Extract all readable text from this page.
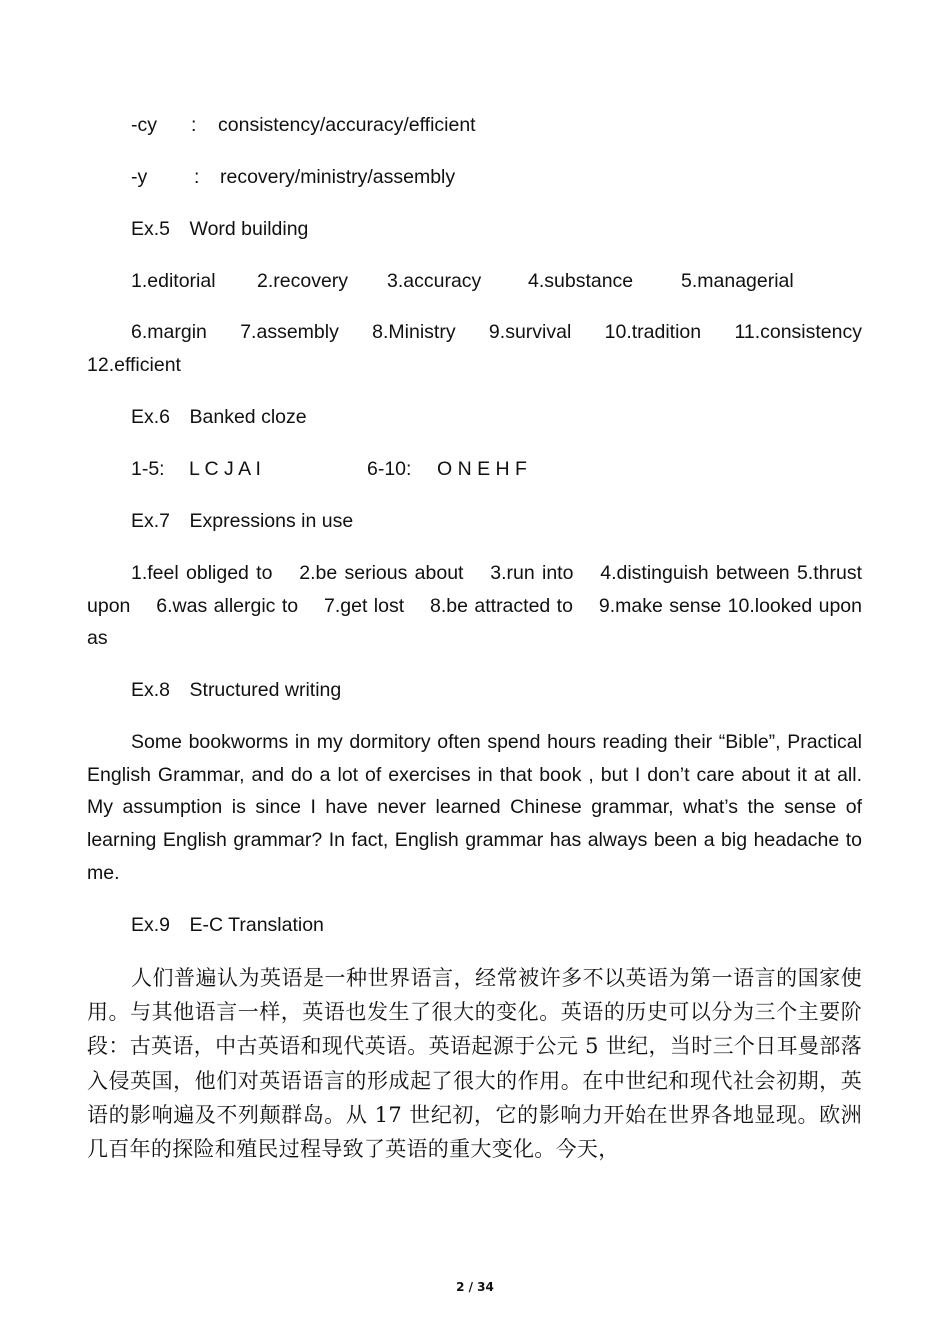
-cy : consistency/accuracy/efficient
-y : recovery/ministry/assembly
Ex.5 Word building
1.editorial 2.recovery 3.accuracy 4.substance 5.managerial
6.margin  7.assembly  8.Ministry  9.survival  10.tradition  11.consistency 12.efficient
Ex.6 Banked cloze
1-5: L C J A I	6-10: O N E H F
Ex.7 Expressions in use
1.feel obliged to  2.be serious about  3.run into  4.distinguish between 5.thrust upon  6.was allergic to  7.get lost  8.be attracted to  9.make sense 10.looked upon as
Ex.8 Structured writing
Some bookworms in my dormitory often spend hours reading their “Bible”, Practical English Grammar, and do a lot of exercises in that book , but I don’t care about it at all. My assumption is since I have never learned Chinese grammar, what’s the sense of learning English grammar? In fact, English grammar has always been a big headache to me.
Ex.9 E-C Translation
人们普遍认为英语是一种世界语言，经常被许多不以英语为第一语言的国家使用。与其他语言一样，英语也发生了很大的变化。英语的历史可以分为三个主要阶段：古英语，中古英语和现代英语。英语起源于公元 5 世纪，当时三个日耳曼部落入侵英国，他们对英语语言的形成起了很大的作用。在中世纪和现代社会初期，英语的影响遍及不列颠群岛。从 17 世纪初，它的影响力开始在世界各地显现。欧洲几百年的探险和殖民过程导致了英语的重大变化。今天，
2 / 34
